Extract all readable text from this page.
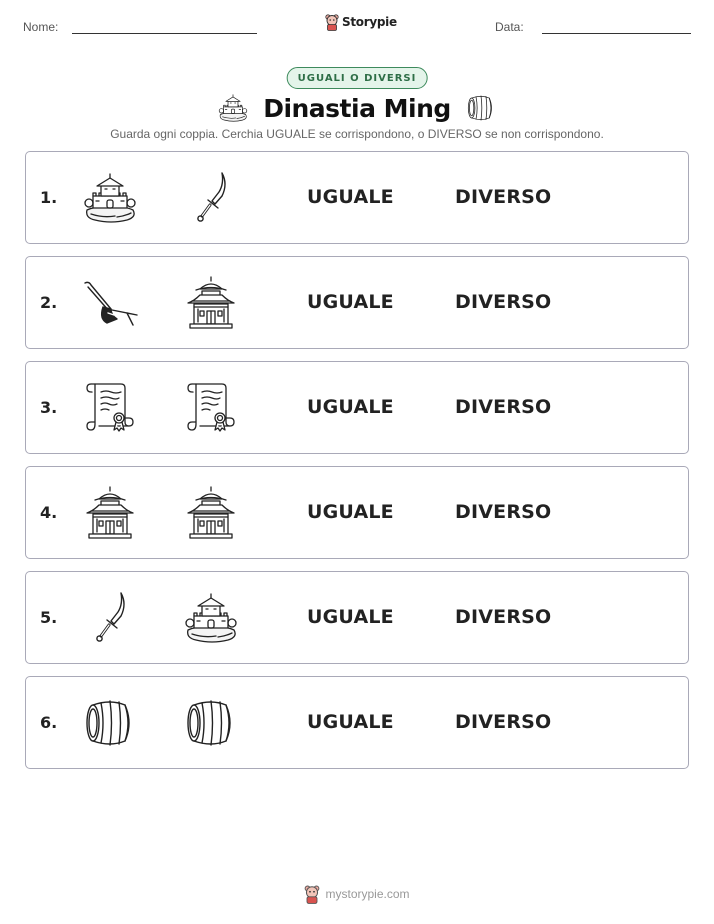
Nome:	Storypie	Data:
UGUALI O DIVERSI
Dinastia Ming
Guarda ogni coppia. Cerchia UGUALE se corrispondono, o DIVERSO se non corrispondono.
1.	UGUALE	DIVERSO
2.	UGUALE	DIVERSO
3.	UGUALE	DIVERSO
4.	UGUALE	DIVERSO
5.	UGUALE	DIVERSO
6.	UGUALE	DIVERSO
mystorypie.com
